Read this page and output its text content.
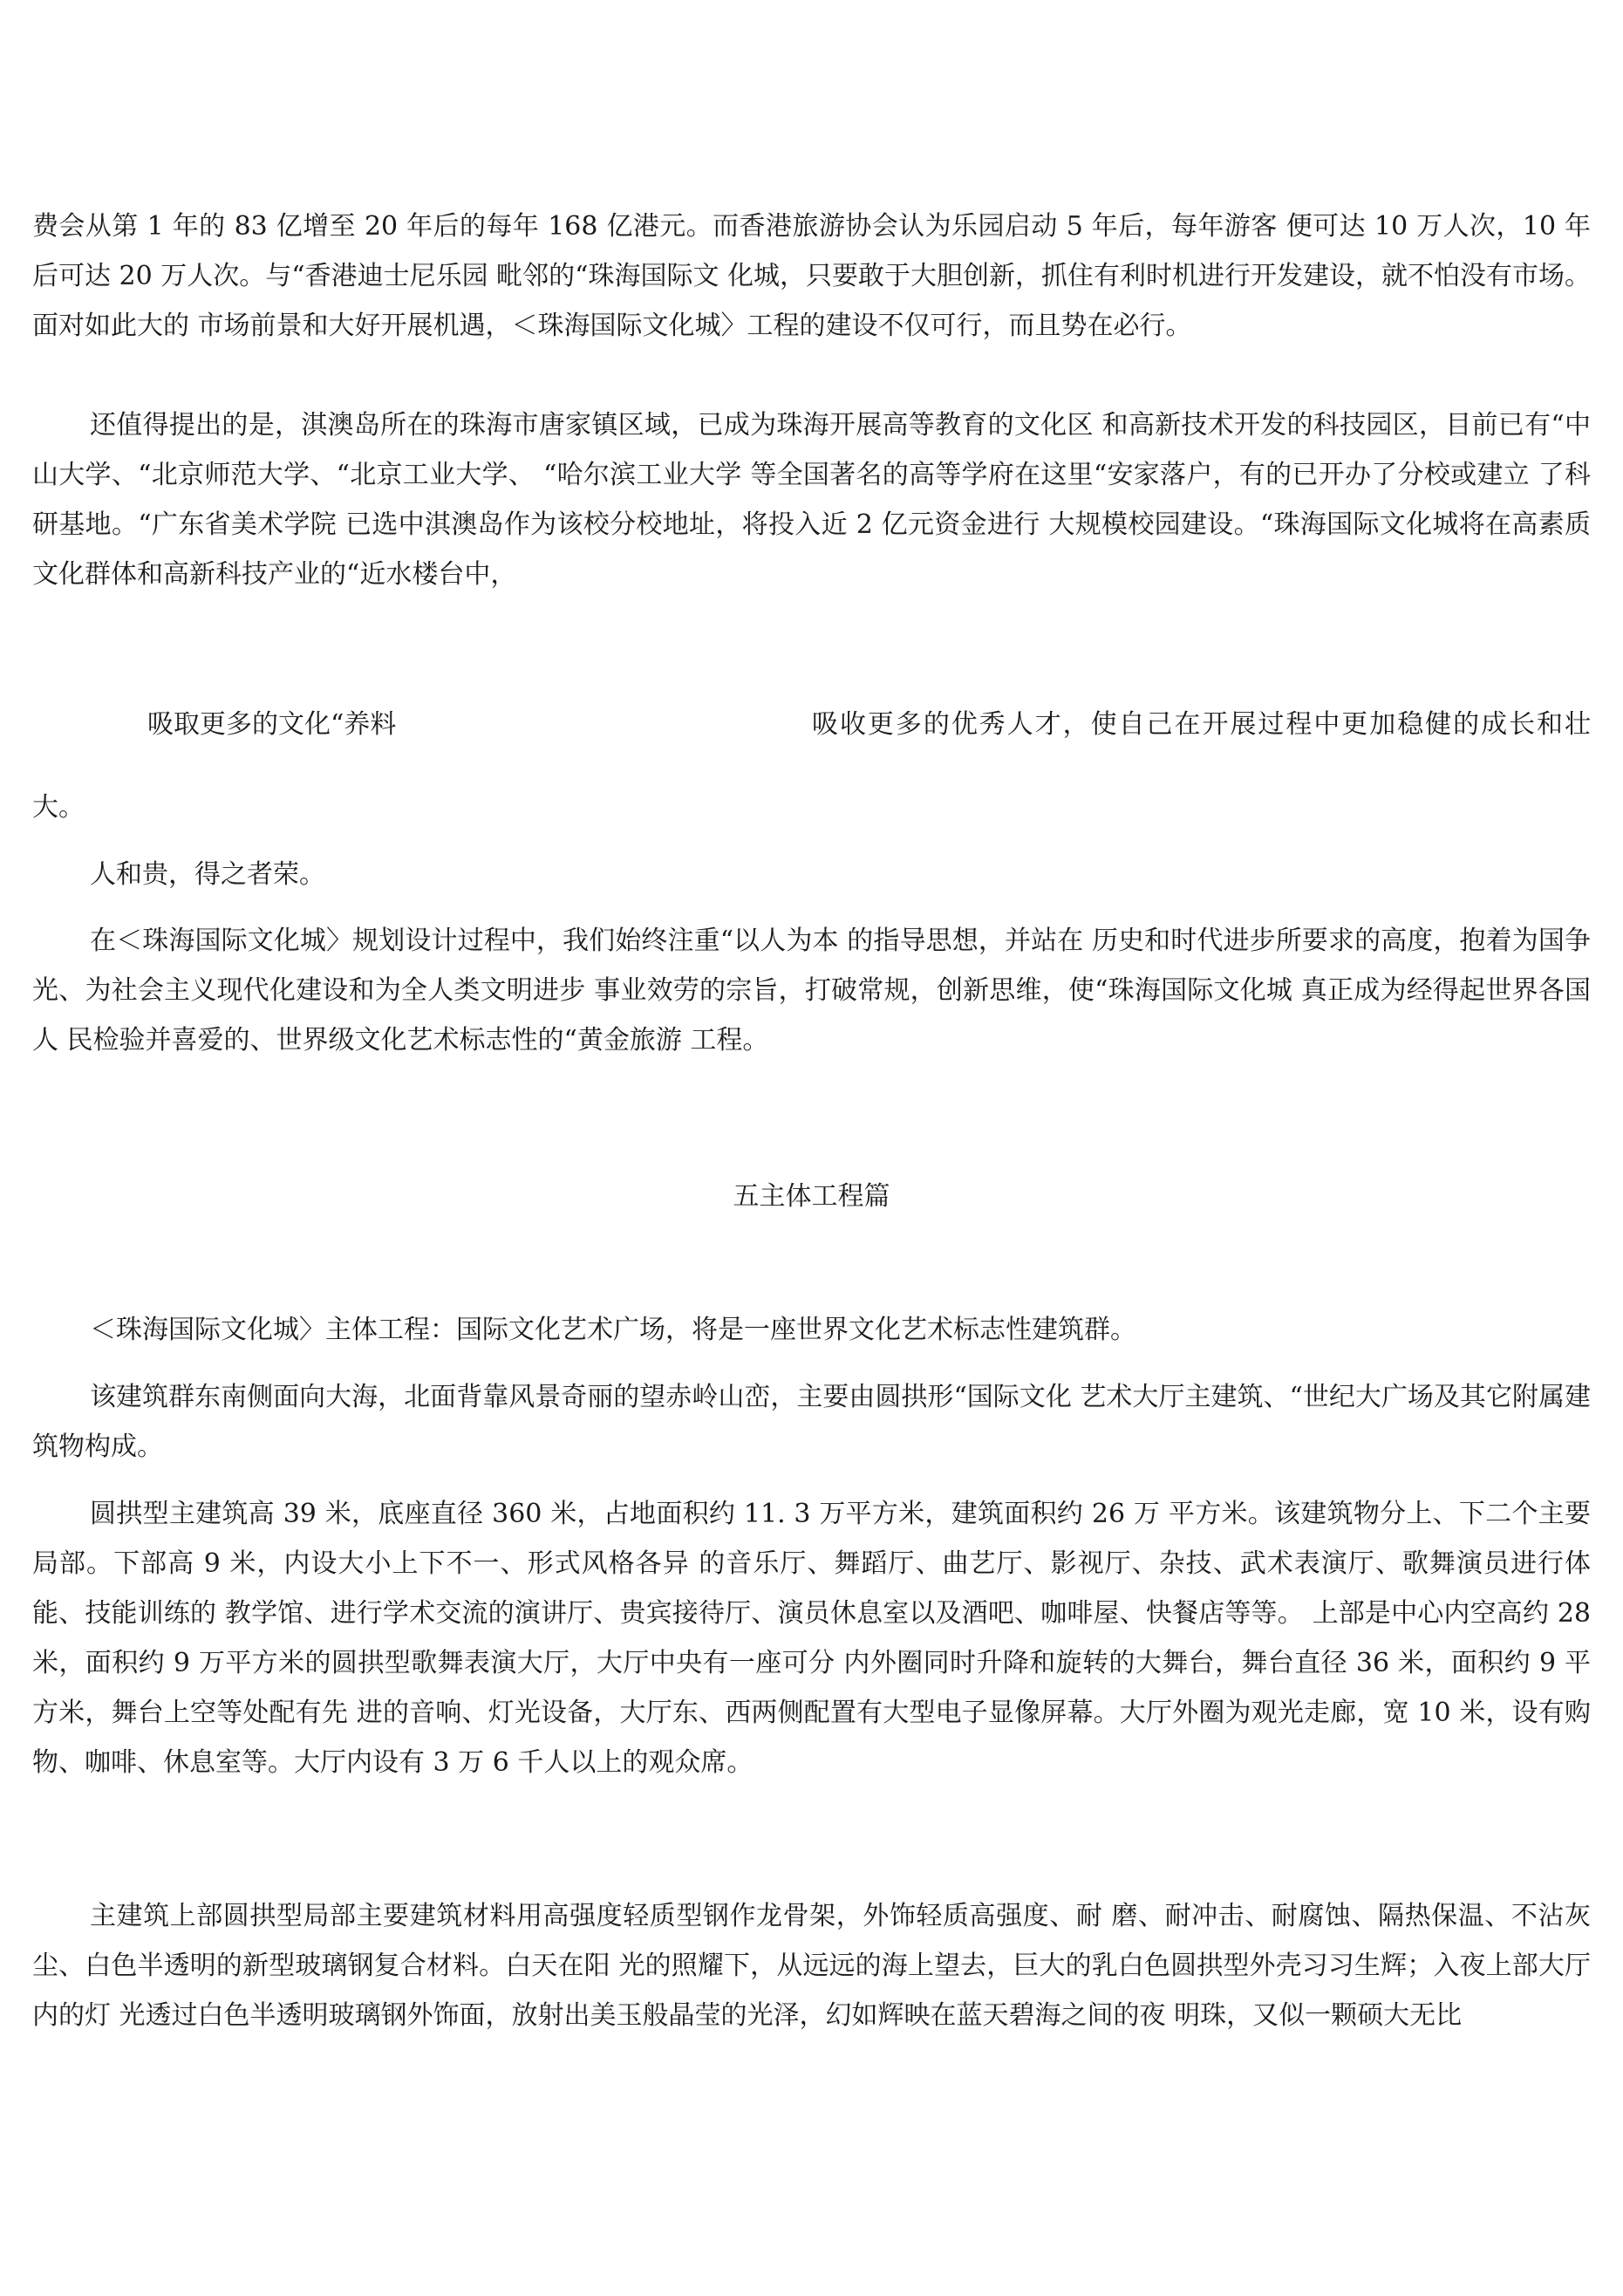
费会从第 1 年的 83 亿增至 20 年后的每年 168 亿港元。而香港旅游协会认为乐园启动 5 年后，每年游客 便可达 10 万人次，10 年后可达 20 万人次。与“香港迪士尼乐园 毗邻的“珠海国际文 化城，只要敢于大胆创新，抓住有利时机进行开发建设，就不怕没有市场。面对如此大的 市场前景和大好开展机遇，＜珠海国际文化城〉工程的建设不仅可行，而且势在必行。

还值得提出的是，淇澳岛所在的珠海市唐家镇区域，已成为珠海开展高等教育的文化区 和高新技术开发的科技园区，目前已有“中山大学、“北京师范大学、“北京工业大学、 “哈尔滨工业大学 等全国著名的高等学府在这里“安家落户，有的已开办了分校或建立 了科研基地。“广东省美术学院 已选中淇澳岛作为该校分校地址，将投入近 2 亿元资金进行 大规模校园建设。“珠海国际文化城将在高素质文化群体和高新科技产业的“近水楼台中，

吸取更多的文化“养料	吸收更多的优秀人才，使自己在开展过程中更加稳健的成长和壮

大。

人和贵，得之者荣。

在＜珠海国际文化城〉规划设计过程中，我们始终注重“以人为本 的指导思想，并站在 历史和时代进步所要求的高度，抱着为国争光、为社会主义现代化建设和为全人类文明进步 事业效劳的宗旨，打破常规，创新思维，使“珠海国际文化城 真正成为经得起世界各国人 民检验并喜爱的、世界级文化艺术标志性的“黄金旅游 工程。

五主体工程篇

＜珠海国际文化城〉主体工程：国际文化艺术广场，将是一座世界文化艺术标志性建筑群。

该建筑群东南侧面向大海，北面背靠风景奇丽的望赤岭山峦，主要由圆拱形“国际文化 艺术大厅主建筑、“世纪大广场及其它附属建筑物构成。

圆拱型主建筑高 39 米，底座直径 360 米，占地面积约 11. 3 万平方米，建筑面积约 26 万 平方米。该建筑物分上、下二个主要局部。下部高 9 米，内设大小上下不一、形式风格各异 的音乐厅、舞蹈厅、曲艺厅、影视厅、杂技、武术表演厅、歌舞演员进行体能、技能训练的 教学馆、进行学术交流的演讲厅、贵宾接待厅、演员休息室以及酒吧、咖啡屋、快餐店等等。 上部是中心内空高约 28 米，面积约 9 万平方米的圆拱型歌舞表演大厅，大厅中央有一座可分 内外圈同时升降和旋转的大舞台，舞台直径 36 米，面积约 9 平方米，舞台上空等处配有先 进的音响、灯光设备，大厅东、西两侧配置有大型电子显像屏幕。大厅外圈为观光走廊，宽 10 米，设有购物、咖啡、休息室等。大厅内设有 3 万 6 千人以上的观众席。

主建筑上部圆拱型局部主要建筑材料用高强度轻质型钢作龙骨架，外饰轻质高强度、耐 磨、耐冲击、耐腐蚀、隔热保温、不沾灰尘、白色半透明的新型玻璃钢复合材料。白天在阳 光的照耀下，从远远的海上望去，巨大的乳白色圆拱型外壳习习生辉；入夜上部大厅内的灯 光透过白色半透明玻璃钢外饰面，放射出美玉般晶莹的光泽，幻如辉映在蓝天碧海之间的夜 明珠，又似一颗硕大无比
